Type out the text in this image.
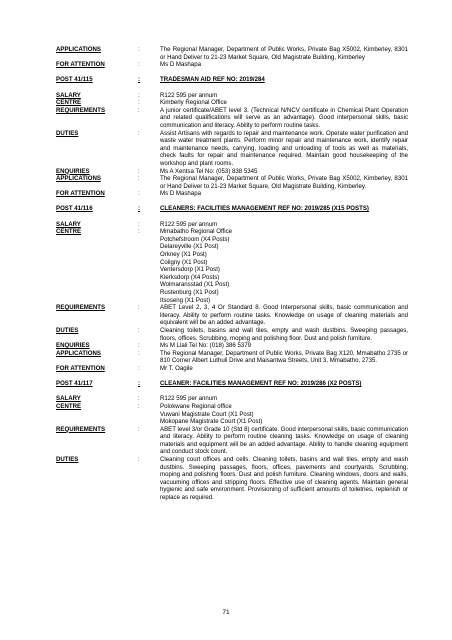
APPLICATIONS	:	The Regional Manager, Department of Public Works, Private Bag X5002, Kimberley, 8301 or Hand Deliver to 21-23 Market Square, Old Magistrate Building, Kimberley
FOR ATTENTION	:	Ms D Mashapa
POST 41/115	:	TRADESMAN AID REF NO: 2019/284
SALARY	:	R122 595 per annum
CENTRE	:	Kimberly Regional Office
REQUIREMENTS	:	A junior certificate/ABET level 3. (Technical N/NCV certificate in Chemical Plant Operation and related qualifications will serve as an advantage). Good interpersonal skills, basic communication and literacy. Ability to perform routine tasks.
DUTIES	:	Assist Artisans with regards to repair and maintenance work. Operate water purification and waste water treatment plants. Perform minor repair and maintenance work, identify repair and maintenance needs, carrying, loading and unloading of tools as well as materials, check faults for repair and maintenance required. Maintain good housekeeping of the workshop and plant rooms.
ENQUIRIES	:	Ms A Xentsa Tel No: (053) 838 5345
APPLICATIONS	:	The Regional Manager, Department of Public Works, Private Bag X5002, Kimberley, 8301 or Hand Deliver to 21-23 Market Square, Old Magistrate Building, Kimberley.
FOR ATTENTION	:	Ms D Mashapa
POST 41/116	:	CLEANERS: FACILITIES MANAGEMENT REF NO: 2019/285 (X15 POSTS)
SALARY	:	R122 595 per annum
CENTRE	:	Mmabatho Regional Office
Potchefstroom (X4 Posts)
Delareyville (X1 Post)
Orkney (X1 Post)
Coligny (X1 Post)
Ventersdorp (X1 Post)
Klerksdorp (X4 Posts)
Wolmaransstad (X1 Post)
Rustenburg (X1 Post)
Itsoseng (X1 Post)
REQUIREMENTS	:	ABET Level 2, 3, 4 Or Standard 8. Good Interpersonal skills, basic communication and literacy. Ability to perform routine tasks. Knowledge on usage of cleaning materials and equivalent will be an added advantage.
DUTIES	:	Cleaning toilets, basins and wall tiles, empty and wash dustbins. Sweeping passages, floors, offices. Scrubbing, moping and polishing floor. Dust and polish furniture.
ENQUIRIES	:	Ms M Llali Tel No: (018) 386 5379
APPLICATIONS	:	The Regional Manager, Department of Public Works, Private Bag X120, Mmabatho 2735 or 810 Corner Albert Luthuli Drive and Maisantwa Streets, Unit 3, Mmabatho, 2735.
FOR ATTENTION	:	Mr T. Oagile
POST 41/117	:	CLEANER: FACILITIES MANAGEMENT REF NO: 2019/286 (X2 POSTS)
SALARY	:	R122 595 per annum
CENTRE	:	Polokwane Regional office
Vuwani Magistrate Court (X1 Post)
Mokopane Magistrate Court (X1 Post)
REQUIREMENTS	:	ABET level 3/or Grade 10 (Std 8) certificate. Good interpersonal skills, basic communication and literacy. Ability to perform routine cleaning tasks. Knowledge on usage of cleaning materials and equipment will be an added advantage. Ability to handle cleaning equipment and conduct stock count.
DUTIES	:	Cleaning court offices and cells. Cleaning toilets, basins and wall tiles, empty and wash dustbins. Sweeping passages, floors, offices, pavements and courtyards. Scrubbing, moping and polishing floors. Dust and polish furniture. Cleaning windows, doors and walls, vacuuming offices and stripping floors. Effective use of cleaning agents. Maintain general hygienic and safe environment. Provisioning of sufficient amounts of toiletries, replenish or replace as required.
71
